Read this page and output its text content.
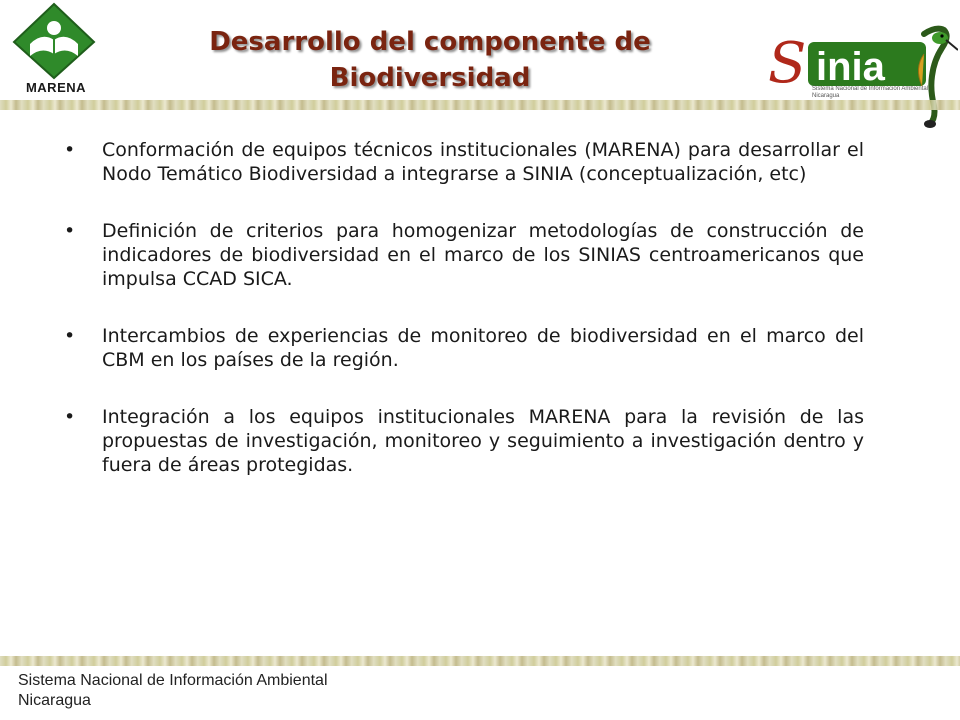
MARENA
Desarrollo del componente de
Biodiversidad	S inia
Sistema Nacional de Información Ambiental
Nicaragua
• Conformación de equipos técnicos institucionales (MARENA) para desarrollar el Nodo Temático Biodiversidad a integrarse a SINIA (conceptualización, etc)
• Definición de criterios para homogenizar metodologías de construcción de indicadores de biodiversidad en el marco de los SINIAS centroamericanos que impulsa CCAD SICA.
• Intercambios de experiencias de monitoreo de biodiversidad en el marco del CBM en los países de la región.
• Integración a los equipos institucionales MARENA para la revisión de las propuestas de investigación, monitoreo y seguimiento a investigación dentro y fuera de áreas protegidas.
Sistema Nacional de Información Ambiental
Nicaragua
